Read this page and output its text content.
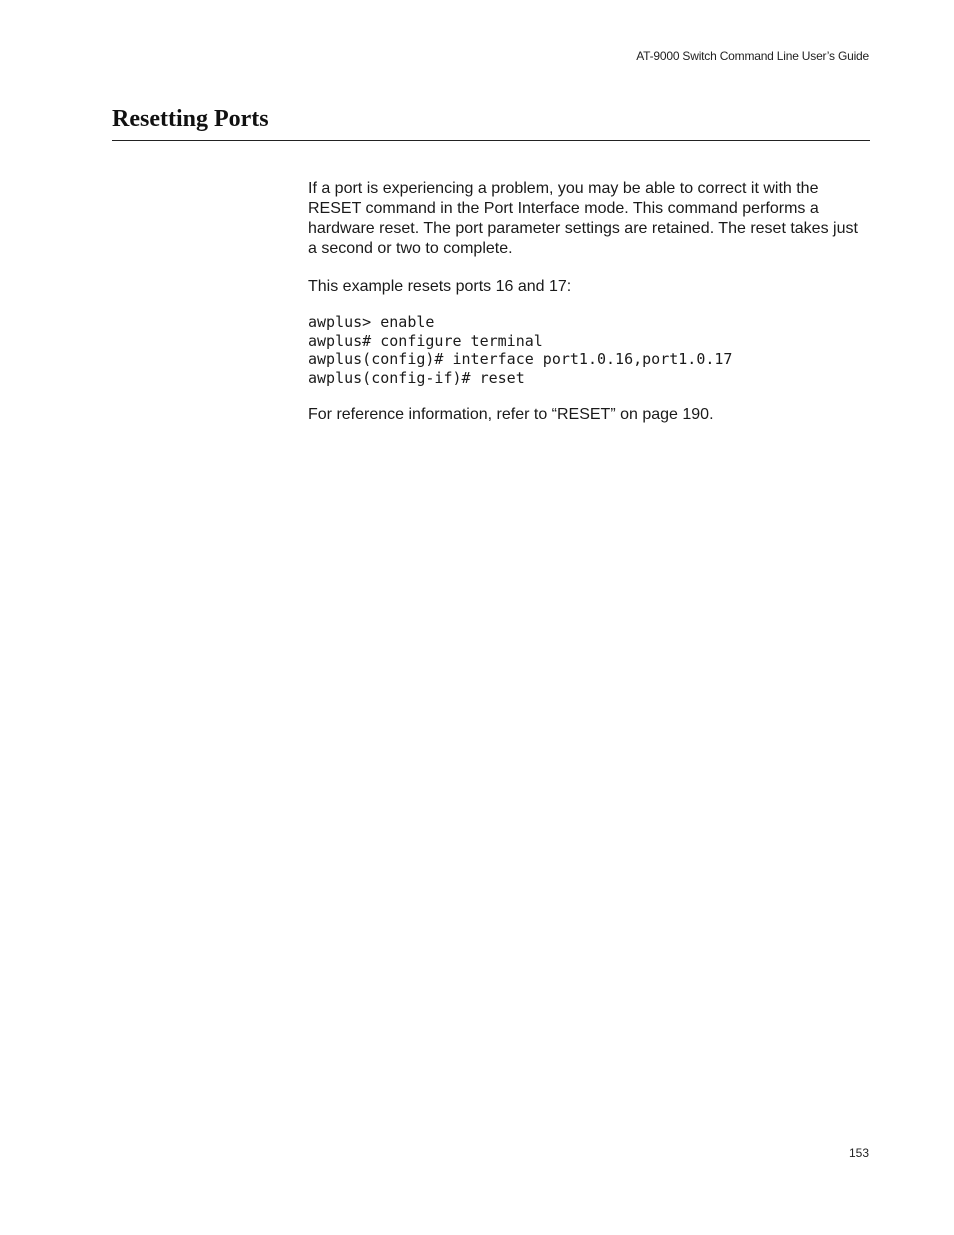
AT-9000 Switch Command Line User’s Guide
Resetting Ports

If a port is experiencing a problem, you may be able to correct it with the RESET command in the Port Interface mode. This command performs a hardware reset. The port parameter settings are retained. The reset takes just a second or two to complete.

This example resets ports 16 and 17:

awplus> enable
awplus# configure terminal
awplus(config)# interface port1.0.16,port1.0.17
awplus(config-if)# reset

For reference information, refer to “RESET” on page 190.

153
